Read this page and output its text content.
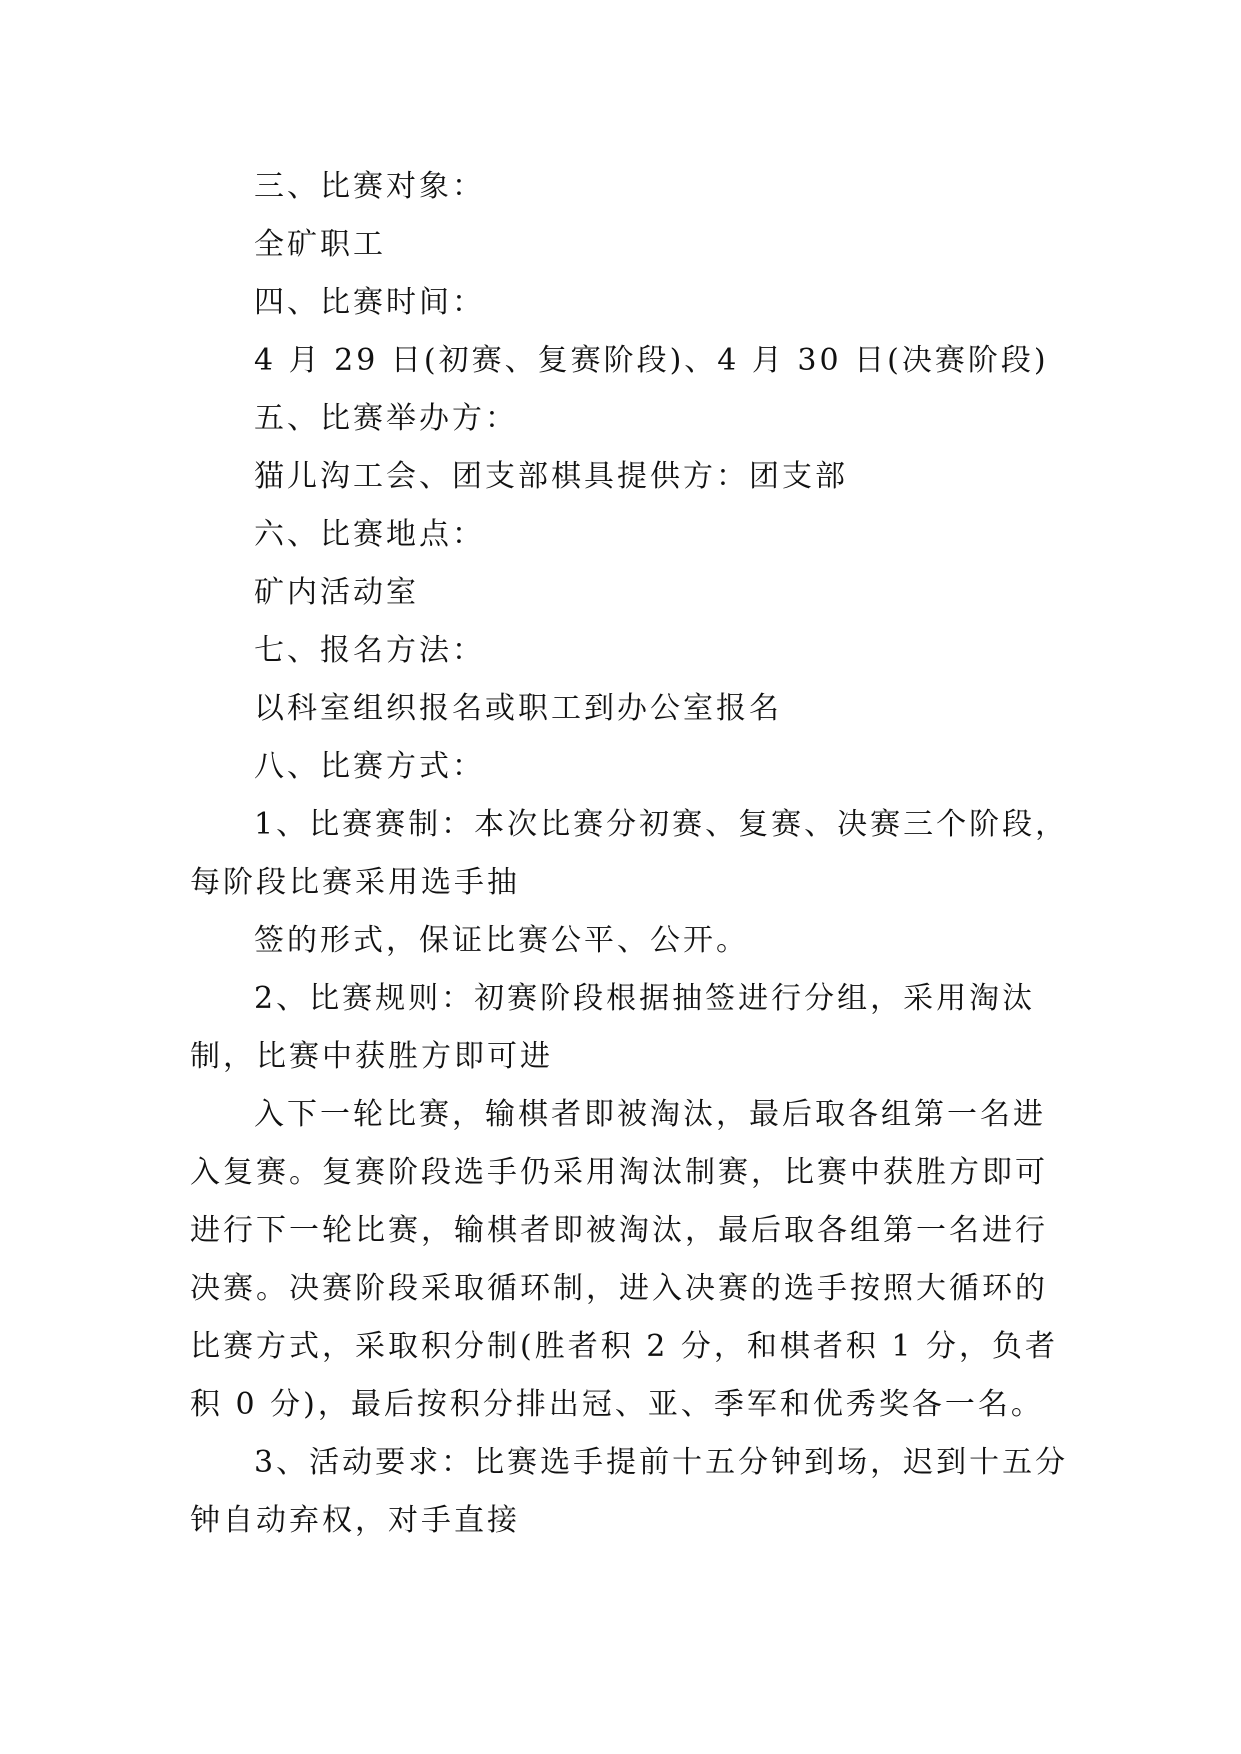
三、比赛对象：

全矿职工

四、比赛时间：

4 月 29 日(初赛、复赛阶段)、4 月 30 日(决赛阶段)

五、比赛举办方：

猫儿沟工会、团支部棋具提供方：团支部

六、比赛地点：

矿内活动室

七、报名方法：

以科室组织报名或职工到办公室报名

八、比赛方式：

1、比赛赛制：本次比赛分初赛、复赛、决赛三个阶段，每阶段比赛采用选手抽

签的形式，保证比赛公平、公开。

2、比赛规则：初赛阶段根据抽签进行分组，采用淘汰制，比赛中获胜方即可进

入下一轮比赛，输棋者即被淘汰，最后取各组第一名进入复赛。复赛阶段选手仍采用淘汰制赛，比赛中获胜方即可进行下一轮比赛，输棋者即被淘汰，最后取各组第一名进行决赛。决赛阶段采取循环制，进入决赛的选手按照大循环的比赛方式，采取积分制(胜者积 2 分，和棋者积 1 分，负者积 0 分)，最后按积分排出冠、亚、季军和优秀奖各一名。

3、活动要求：比赛选手提前十五分钟到场，迟到十五分钟自动弃权，对手直接
